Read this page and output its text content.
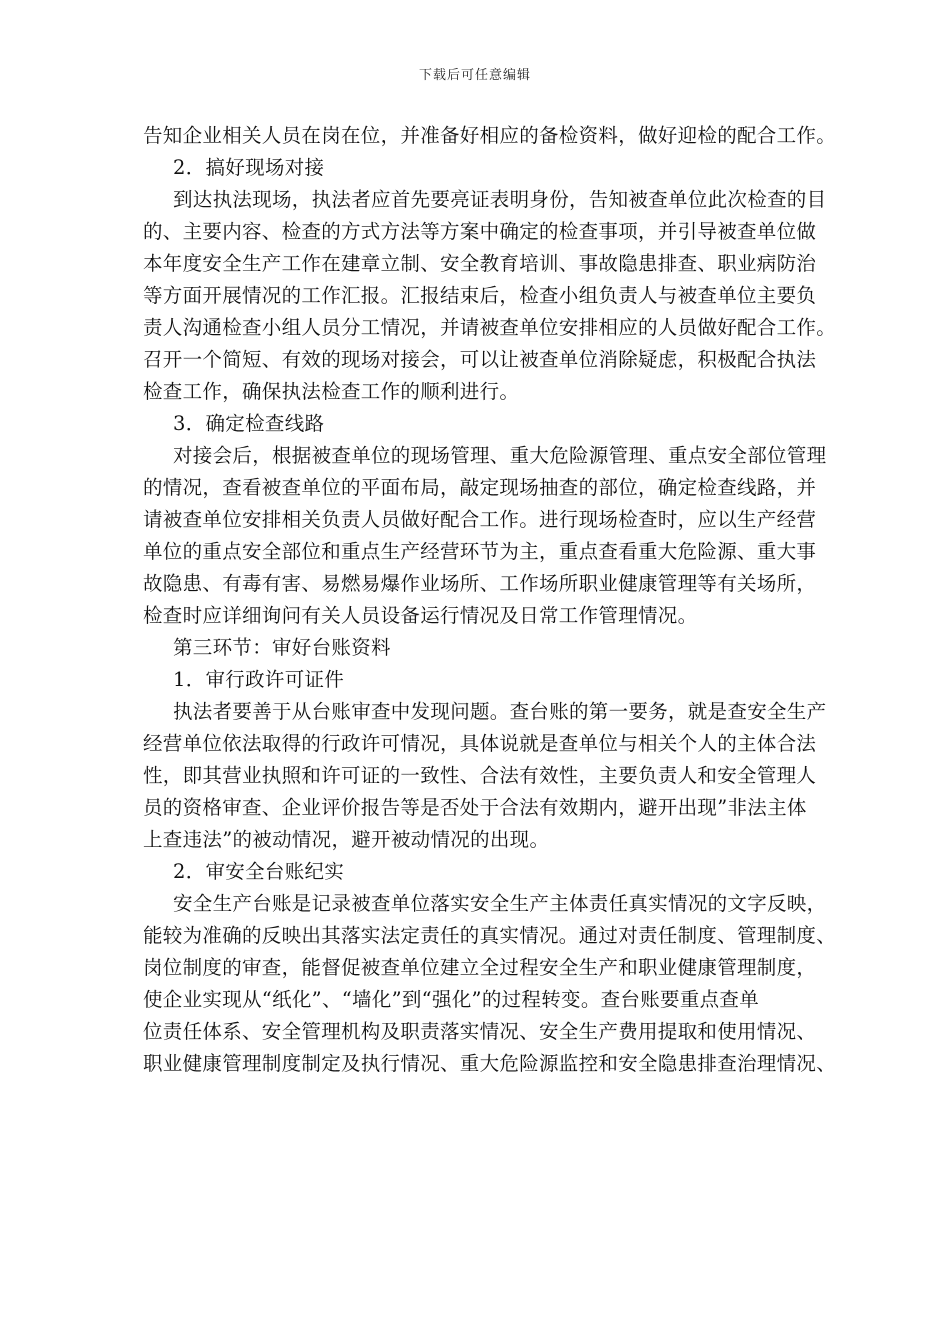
下载后可任意编辑
告知企业相关人员在岗在位，并准备好相应的备检资料，做好迎检的配合工作。
2．搞好现场对接
到达执法现场，执法者应首先要亮证表明身份，告知被查单位此次检查的目
的、主要内容、检查的方式方法等方案中确定的检查事项，并引导被查单位做
本年度安全生产工作在建章立制、安全教育培训、事故隐患排查、职业病防治
等方面开展情况的工作汇报。汇报结束后，检查小组负责人与被查单位主要负
责人沟通检查小组人员分工情况，并请被查单位安排相应的人员做好配合工作。
召开一个简短、有效的现场对接会，可以让被查单位消除疑虑，积极配合执法
检查工作，确保执法检查工作的顺利进行。
3．确定检查线路
对接会后，根据被查单位的现场管理、重大危险源管理、重点安全部位管理
的情况，查看被查单位的平面布局，敲定现场抽查的部位，确定检查线路，并
请被查单位安排相关负责人员做好配合工作。进行现场检查时，应以生产经营
单位的重点安全部位和重点生产经营环节为主，重点查看重大危险源、重大事
故隐患、有毒有害、易燃易爆作业场所、工作场所职业健康管理等有关场所，
检查时应详细询问有关人员设备运行情况及日常工作管理情况。
第三环节：审好台账资料
1．审行政许可证件
执法者要善于从台账审查中发现问题。查台账的第一要务，就是查安全生产
经营单位依法取得的行政许可情况，具体说就是查单位与相关个人的主体合法
性，即其营业执照和许可证的一致性、合法有效性，主要负责人和安全管理人
员的资格审查、企业评价报告等是否处于合法有效期内，避开出现”非法主体
上查违法”的被动情况，避开被动情况的出现。
2．审安全台账纪实
安全生产台账是记录被查单位落实安全生产主体责任真实情况的文字反映，
能较为准确的反映出其落实法定责任的真实情况。通过对责任制度、管理制度、
岗位制度的审查，能督促被查单位建立全过程安全生产和职业健康管理制度，
使企业实现从“纸化”、“墙化”到“强化”的过程转变。查台账要重点查单
位责任体系、安全管理机构及职责落实情况、安全生产费用提取和使用情况、
职业健康管理制度制定及执行情况、重大危险源监控和安全隐患排查治理情况、
